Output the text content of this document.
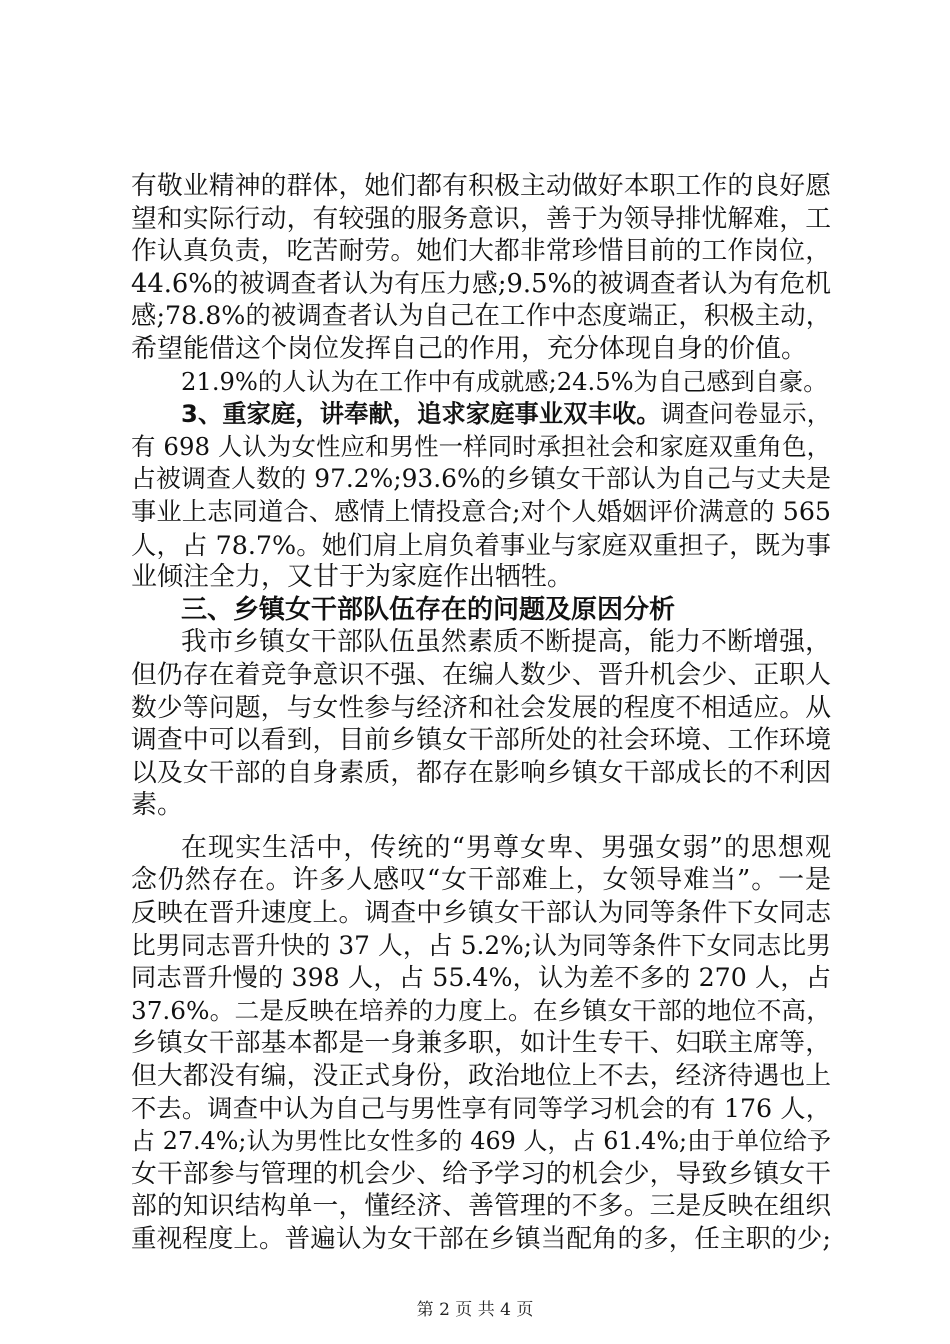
有敬业精神的群体，她们都有积极主动做好本职工作的良好愿
望和实际行动，有较强的服务意识，善于为领导排忧解难，工
作认真负责，吃苦耐劳。她们大都非常珍惜目前的工作岗位，
44.6%的被调查者认为有压力感;9.5%的被调查者认为有危机
感;78.8%的被调查者认为自己在工作中态度端正，积极主动，
希望能借这个岗位发挥自己的作用，充分体现自身的价值。
21.9%的人认为在工作中有成就感;24.5%为自己感到自豪。
3、重家庭，讲奉献，追求家庭事业双丰收。调查问卷显示，
有 698 人认为女性应和男性一样同时承担社会和家庭双重角色，
占被调查人数的 97.2%;93.6%的乡镇女干部认为自己与丈夫是
事业上志同道合、感情上情投意合;对个人婚姻评价满意的 565
人，占 78.7%。她们肩上肩负着事业与家庭双重担子，既为事
业倾注全力，又甘于为家庭作出牺牲。
三、乡镇女干部队伍存在的问题及原因分析
我市乡镇女干部队伍虽然素质不断提高，能力不断增强，
但仍存在着竞争意识不强、在编人数少、晋升机会少、正职人
数少等问题，与女性参与经济和社会发展的程度不相适应。从
调查中可以看到，目前乡镇女干部所处的社会环境、工作环境
以及女干部的自身素质，都存在影响乡镇女干部成长的不利因
素。
在现实生活中，传统的“男尊女卑、男强女弱”的思想观
念仍然存在。许多人感叹“女干部难上，女领导难当”。一是
反映在晋升速度上。调查中乡镇女干部认为同等条件下女同志
比男同志晋升快的 37 人，占 5.2%;认为同等条件下女同志比男
同志晋升慢的 398 人，占 55.4%，认为差不多的 270 人，占
37.6%。二是反映在培养的力度上。在乡镇女干部的地位不高，
乡镇女干部基本都是一身兼多职，如计生专干、妇联主席等，
但大都没有编，没正式身份，政治地位上不去，经济待遇也上
不去。调查中认为自己与男性享有同等学习机会的有 176 人，
占 27.4%;认为男性比女性多的 469 人，占 61.4%;由于单位给予
女干部参与管理的机会少、给予学习的机会少，导致乡镇女干
部的知识结构单一，懂经济、善管理的不多。三是反映在组织
重视程度上。普遍认为女干部在乡镇当配角的多，任主职的少;
第 2 页 共 4 页
